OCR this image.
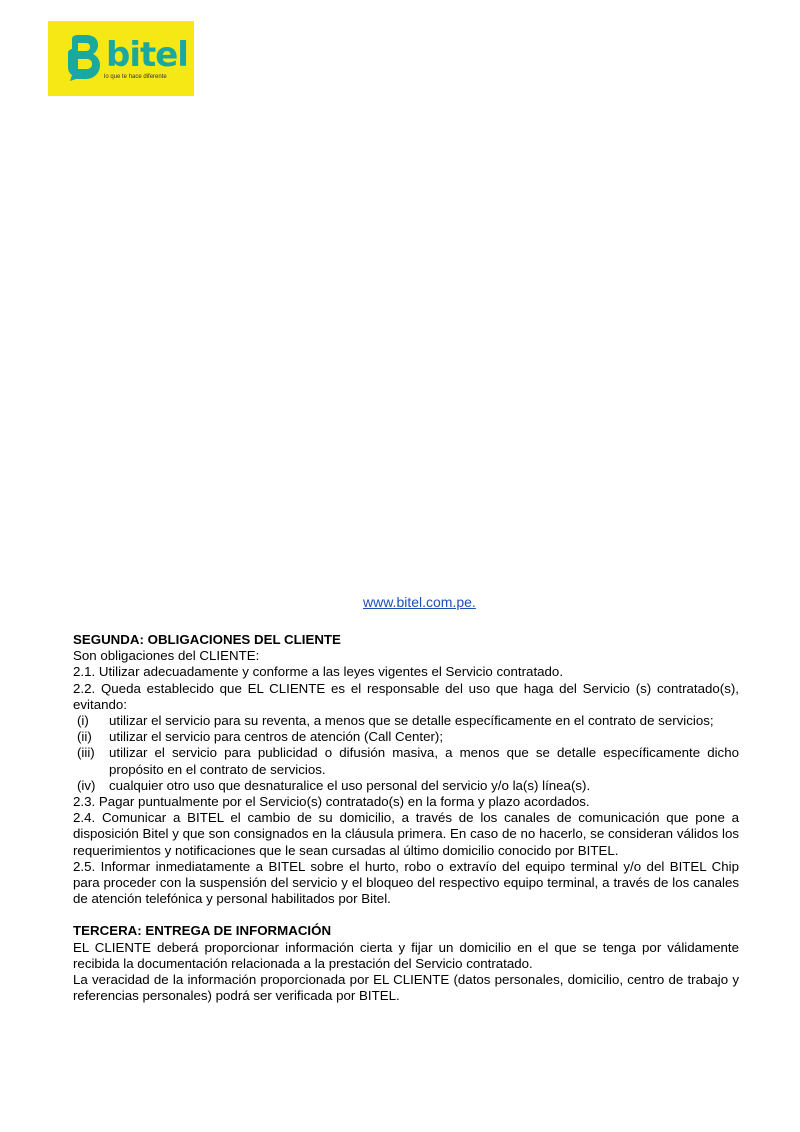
bitel
lo que te hace diferente
www.bitel.com.pe.

SEGUNDA: OBLIGACIONES DEL CLIENTE

Son obligaciones del CLIENTE:

2.1. Utilizar adecuadamente y conforme a las leyes vigentes el Servicio contratado.

2.2. Queda establecido que EL CLIENTE es el responsable del uso que haga del Servicio (s) contratado(s), evitando:

(i)	utilizar el servicio para su reventa, a menos que se detalle específicamente en el contrato de servicios;
(ii)	utilizar el servicio para centros de atención (Call Center);
(iii)	utilizar el servicio para publicidad o difusión masiva, a menos que se detalle específicamente dicho propósito en el contrato de servicios.
(iv)	cualquier otro uso que desnaturalice el uso personal del servicio y/o la(s) línea(s).

2.3. Pagar puntualmente por el Servicio(s) contratado(s) en la forma y plazo acordados.

2.4. Comunicar a BITEL el cambio de su domicilio, a través de los canales de comunicación que pone a disposición Bitel y que son consignados en la cláusula primera. En caso de no hacerlo, se consideran válidos los requerimientos y notificaciones que le sean cursadas al último domicilio conocido por BITEL.

2.5. Informar inmediatamente a BITEL sobre el hurto, robo o extravío del equipo terminal y/o del BITEL Chip para proceder con la suspensión del servicio y el bloqueo del respectivo equipo terminal, a través de los canales de atención telefónica y personal habilitados por Bitel.

TERCERA: ENTREGA DE INFORMACIÓN

EL CLIENTE deberá proporcionar información cierta y fijar un domicilio en el que se tenga por válidamente recibida la documentación relacionada a la prestación del Servicio contratado.

La veracidad de la información proporcionada por EL CLIENTE (datos personales, domicilio, centro de trabajo y referencias personales) podrá ser verificada por BITEL.
